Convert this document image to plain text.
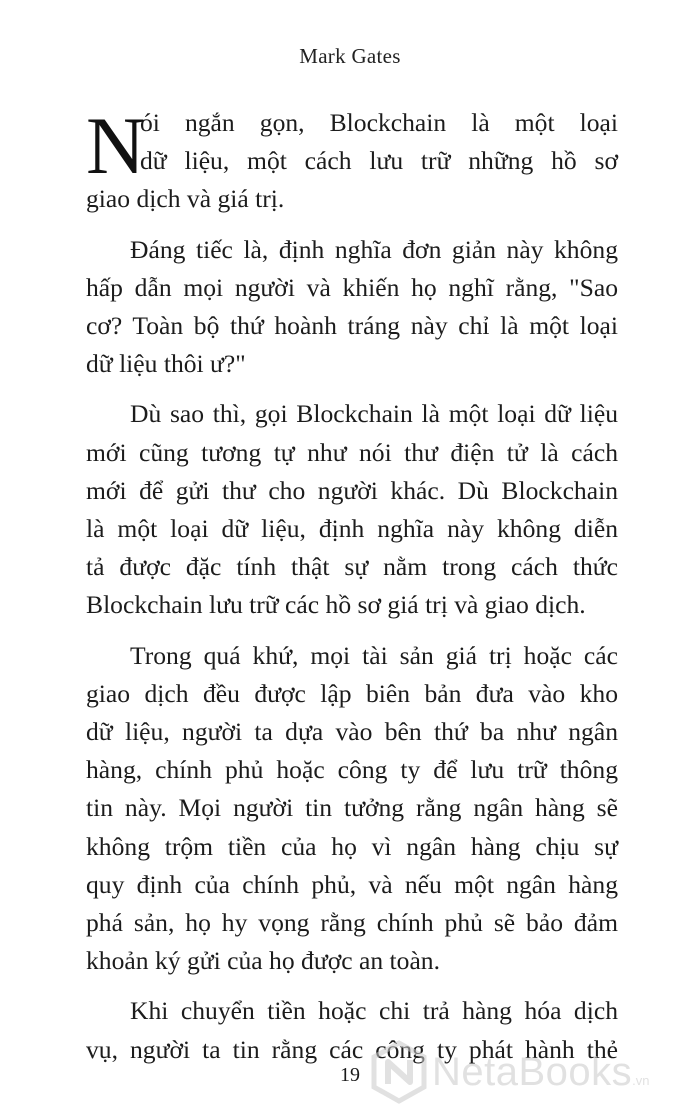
Mark Gates
N
ói ngắn gọn, Blockchain là một loại
dữ liệu, một cách lưu trữ những hồ sơ
giao dịch và giá trị.
Đáng tiếc là, định nghĩa đơn giản này không
hấp dẫn mọi người và khiến họ nghĩ rằng, "Sao
cơ? Toàn bộ thứ hoành tráng này chỉ là một loại
dữ liệu thôi ư?"
Dù sao thì, gọi Blockchain là một loại dữ liệu
mới cũng tương tự như nói thư điện tử là cách
mới để gửi thư cho người khác. Dù Blockchain
là một loại dữ liệu, định nghĩa này không diễn
tả được đặc tính thật sự nằm trong cách thức
Blockchain lưu trữ các hồ sơ giá trị và giao dịch.
Trong quá khứ, mọi tài sản giá trị hoặc các
giao dịch đều được lập biên bản đưa vào kho
dữ liệu, người ta dựa vào bên thứ ba như ngân
hàng, chính phủ hoặc công ty để lưu trữ thông
tin này. Mọi người tin tưởng rằng ngân hàng sẽ
không trộm tiền của họ vì ngân hàng chịu sự
quy định của chính phủ, và nếu một ngân hàng
phá sản, họ hy vọng rằng chính phủ sẽ bảo đảm
khoản ký gửi của họ được an toàn.
Khi chuyển tiền hoặc chi trả hàng hóa dịch
vụ, người ta tin rằng các công ty phát hành thẻ
19	NetaBooks .vn
